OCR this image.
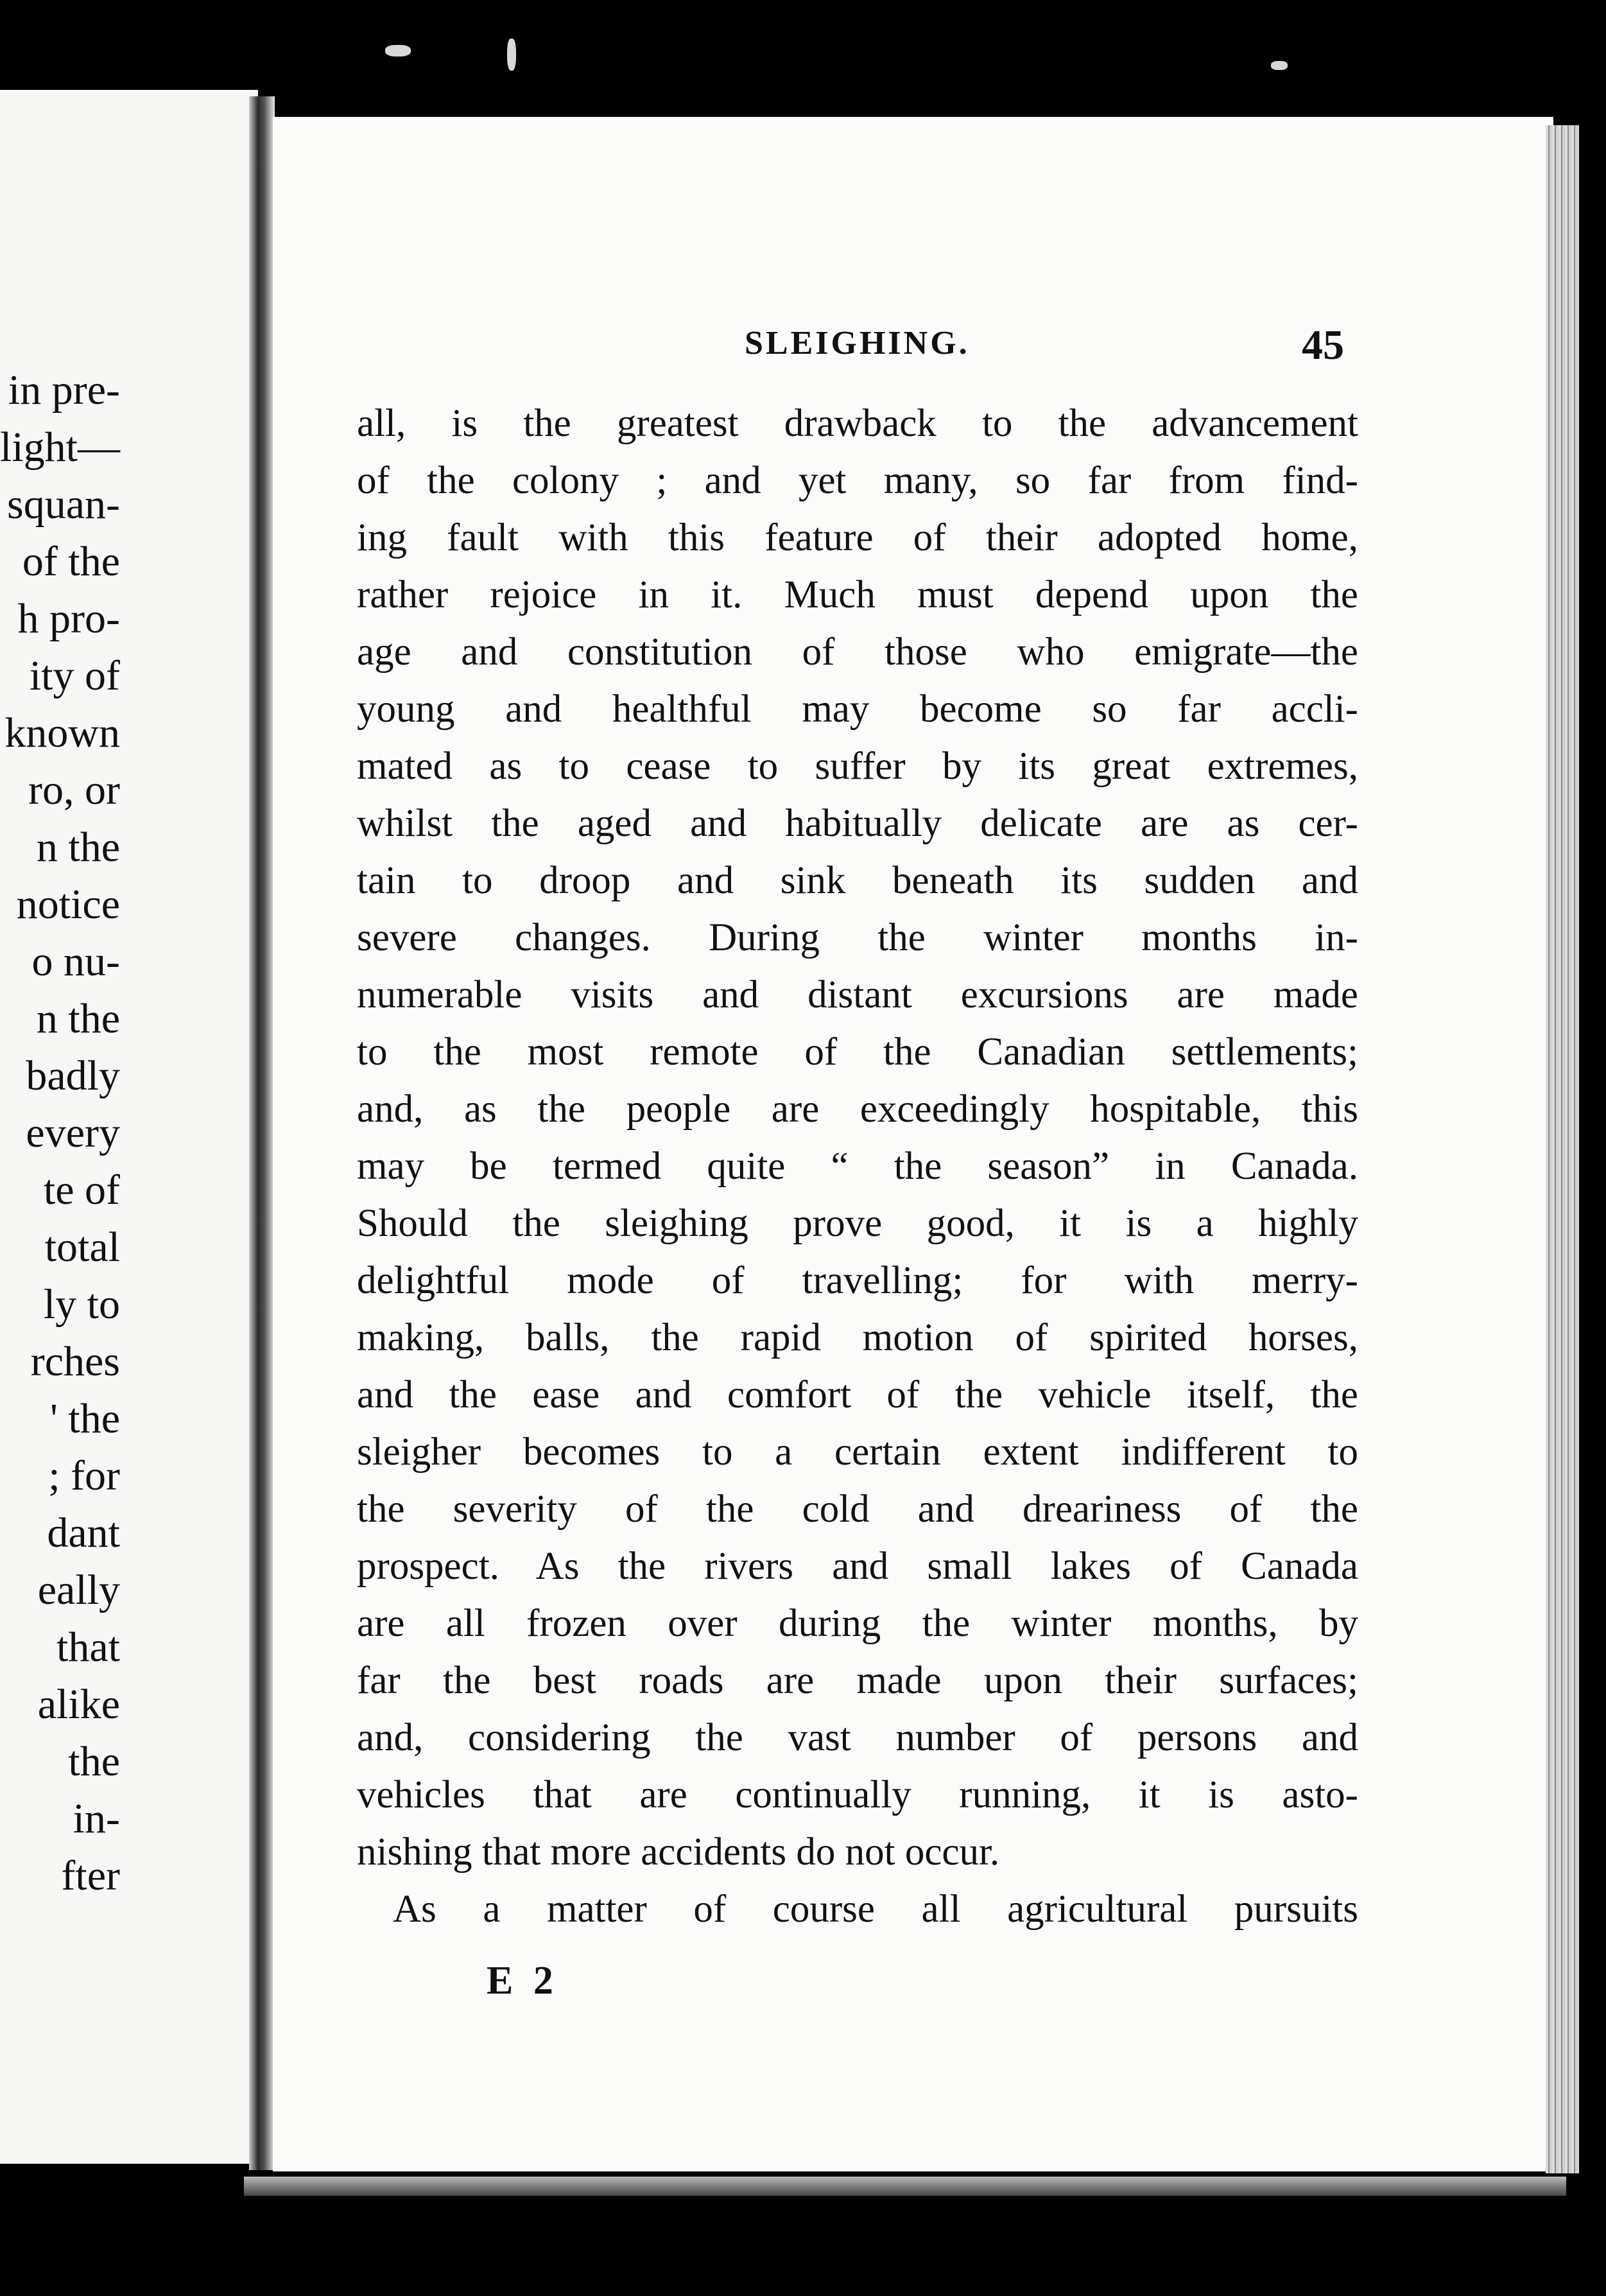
in pre-
light—
squan-
of the
h pro-
ity of
known
ro, or
n the
notice
o nu-
n the
badly
every
te of
total
ly to
rches
' the
; for
dant
eally
that
alike
the
in-
fter
SLEIGHING.	45
all, is the greatest drawback to the advancement
of the colony ; and yet many, so far from find-
ing fault with this feature of their adopted home,
rather rejoice in it. Much must depend upon the
age and constitution of those who emigrate—the
young and healthful may become so far accli-
mated as to cease to suffer by its great extremes,
whilst the aged and habitually delicate are as cer-
tain to droop and sink beneath its sudden and
severe changes. During the winter months in-
numerable visits and distant excursions are made
to the most remote of the Canadian settlements;
and, as the people are exceedingly hospitable, this
may be termed quite “ the season” in Canada.
Should the sleighing prove good, it is a highly
delightful mode of travelling; for with merry-
making, balls, the rapid motion of spirited horses,
and the ease and comfort of the vehicle itself, the
sleigher becomes to a certain extent indifferent to
the severity of the cold and dreariness of the
prospect. As the rivers and small lakes of Canada
are all frozen over during the winter months, by
far the best roads are made upon their surfaces;
and, considering the vast number of persons and
vehicles that are continually running, it is asto-
nishing that more accidents do not occur.
As a matter of course all agricultural pursuits
E 2
